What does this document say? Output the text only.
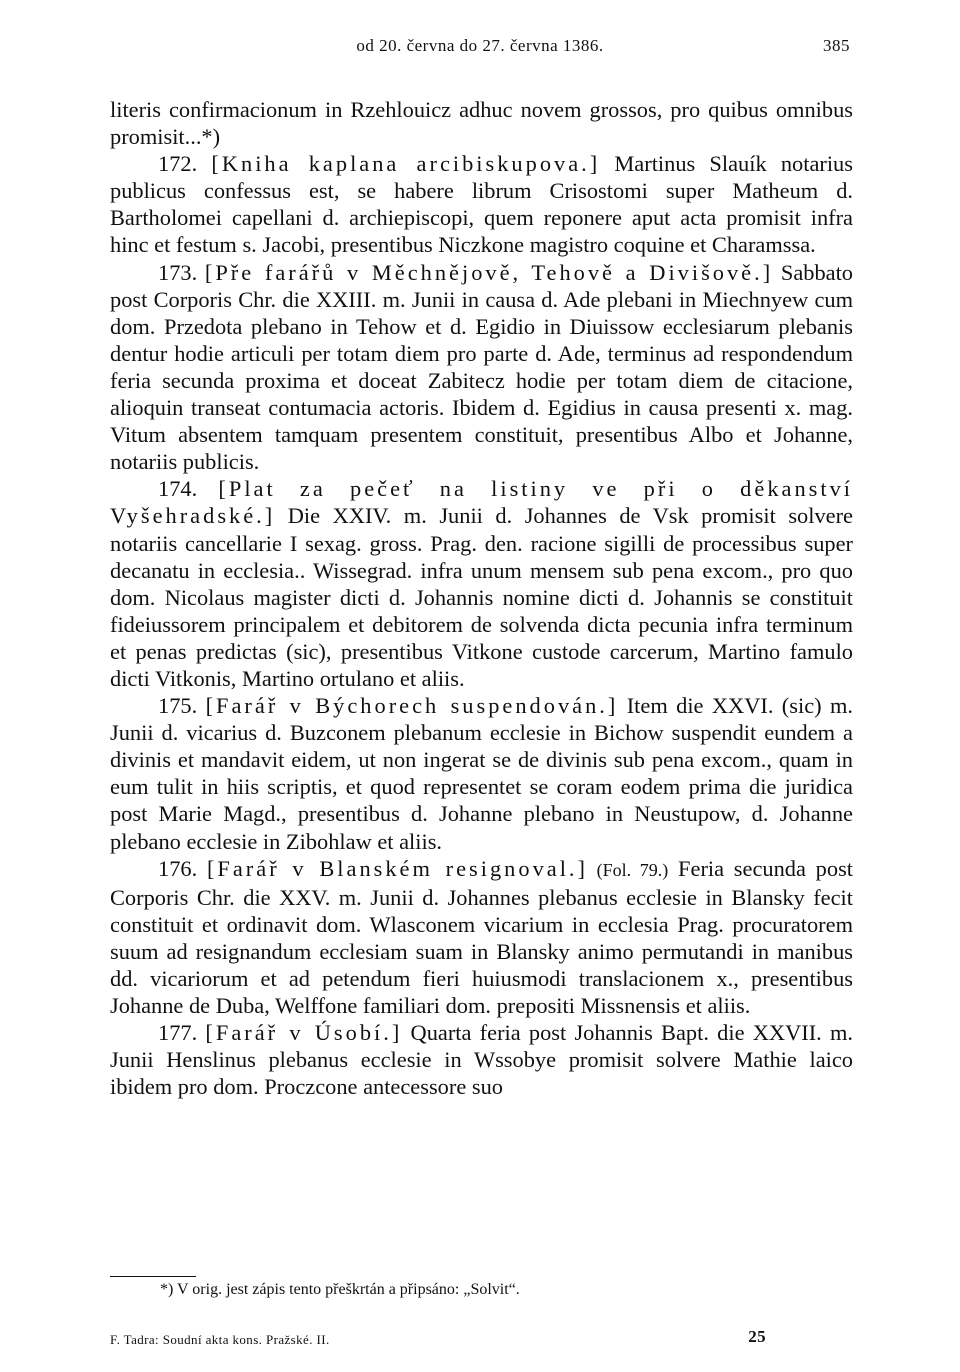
od 20. června do 27. června 1386.	385

literis confirmacionum in Rzehlouicz adhuc novem grossos, pro quibus omnibus promisit...*)

172. [Kniha kaplana arcibiskupova.] Martinus Slauík notarius publicus confessus est, se habere librum Crisostomi super Matheum d. Bartholomei capellani d. archiepiscopi, quem reponere aput acta promisit infra hinc et festum s. Jacobi, presentibus Niczkone magistro coquine et Charamssa.

173. [Pře farářů v Měchnějově, Tehově a Divišově.] Sabbato post Corporis Chr. die XXIII. m. Junii in causa d. Ade plebani in Miechnyew cum dom. Przedota plebano in Tehow et d. Egidio in Diuissow ecclesiarum plebanis dentur hodie articuli per totam diem pro parte d. Ade, terminus ad respondendum feria secunda proxima et doceat Zabitecz hodie per totam diem de citacione, alioquin transeat contumacia actoris. Ibidem d. Egidius in causa presenti x. mag. Vitum absentem tamquam presentem constituit, presentibus Albo et Johanne, notariis publicis.

174. [Plat za pečeť na listiny ve při o děkanství Vyšehradské.] Die XXIV. m. Junii d. Johannes de Vsk promisit solvere notariis cancellarie I sexag. gross. Prag. den. racione sigilli de processibus super decanatu in ecclesia.. Wissegrad. infra unum mensem sub pena excom., pro quo dom. Nicolaus magister dicti d. Johannis nomine dicti d. Johannis se constituit fideiussorem principalem et debitorem de solvenda dicta pecunia infra terminum et penas predictas (sic), presentibus Vitkone custode carcerum, Martino famulo dicti Vitkonis, Martino ortulano et aliis.

175. [Farář v Býchorech suspendován.] Item die XXVI. (sic) m. Junii d. vicarius d. Buzconem plebanum ecclesie in Bichow suspendit eundem a divinis et mandavit eidem, ut non ingerat se de divinis sub pena excom., quam in eum tulit in hiis scriptis, et quod representet se coram eodem prima die juridica post Marie Magd., presentibus d. Johanne plebano in Neustupow, d. Johanne plebano ecclesie in Zibohlaw et aliis.

176. [Farář v Blanském resignoval.] (Fol. 79.) Feria secunda post Corporis Chr. die XXV. m. Junii d. Johannes plebanus ecclesie in Blansky fecit constituit et ordinavit dom. Wlasconem vicarium in ecclesia Prag. procuratorem suum ad resignandum ecclesiam suam in Blansky animo permutandi in manibus dd. vicariorum et ad petendum fieri huiusmodi translacionem x., presentibus Johanne de Duba, Welffone familiari dom. prepositi Missnensis et aliis.

177. [Farář v Úsobí.] Quarta feria post Johannis Bapt. die XXVII. m. Junii Henslinus plebanus ecclesie in Wssobye promisit solvere Mathie laico ibidem pro dom. Proczcone antecessore suo

*) V orig. jest zápis tento přeškrtán a připsáno: „Solvit“.
F. Tadra: Soudní akta kons. Pražské. II.	25
